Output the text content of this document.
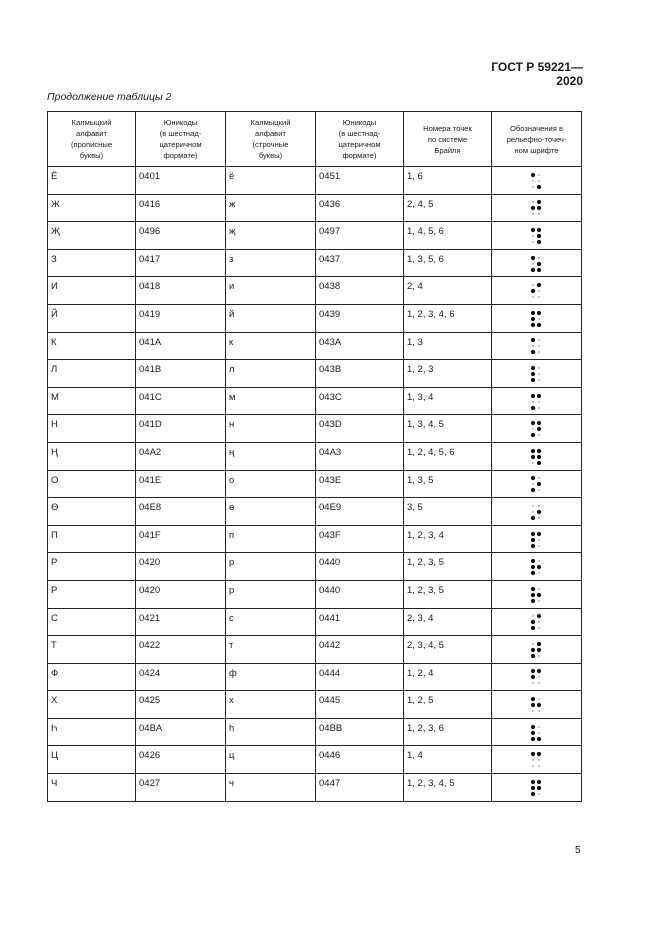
ГОСТ Р 59221—2020
Продолжение таблицы 2
Калмыцкий
алфавит
(прописные
буквы)	Юникоды
(в шестнад-
цатеричном
формате)	Калмыцкий
алфавит
(строчные
буквы)	Юникоды
(в шестнад-
цатеричном
формате)	Номера точек
по системе
Брайля	Обозначения в
рельефно-точеч-
ном шрифте
Ё	0401	ё	0451	1, 6	
Ж	0416	ж	0436	2, 4, 5	
Җ	0496	җ	0497	1, 4, 5, 6	
З	0417	з	0437	1, 3, 5, 6	
И	0418	и	0438	2, 4	
Й	0419	й	0439	1, 2, 3, 4, 6	
К	041A	к	043A	1, 3	
Л	041B	л	043B	1, 2, 3	
М	041C	м	043C	1, 3, 4	
Н	041D	н	043D	1, 3, 4, 5	
Ң	04A2	ң	04A3	1, 2, 4, 5, 6	
О	041E	о	043E	1, 3, 5	
Ө	04E8	ө	04E9	3, 5	
П	041F	п	043F	1, 2, 3, 4	
Р	0420	р	0440	1, 2, 3, 5	
Р	0420	р	0440	1, 2, 3, 5	
С	0421	с	0441	2, 3, 4	
Т	0422	т	0442	2, 3, 4, 5	
Ф	0424	ф	0444	1, 2, 4	
Х	0425	х	0445	1, 2, 5	
Һ	04BA	һ	04BB	1, 2, 3, 6	
Ц	0426	ц	0446	1, 4	
Ч	0427	ч	0447	1, 2, 3, 4, 5	
5
